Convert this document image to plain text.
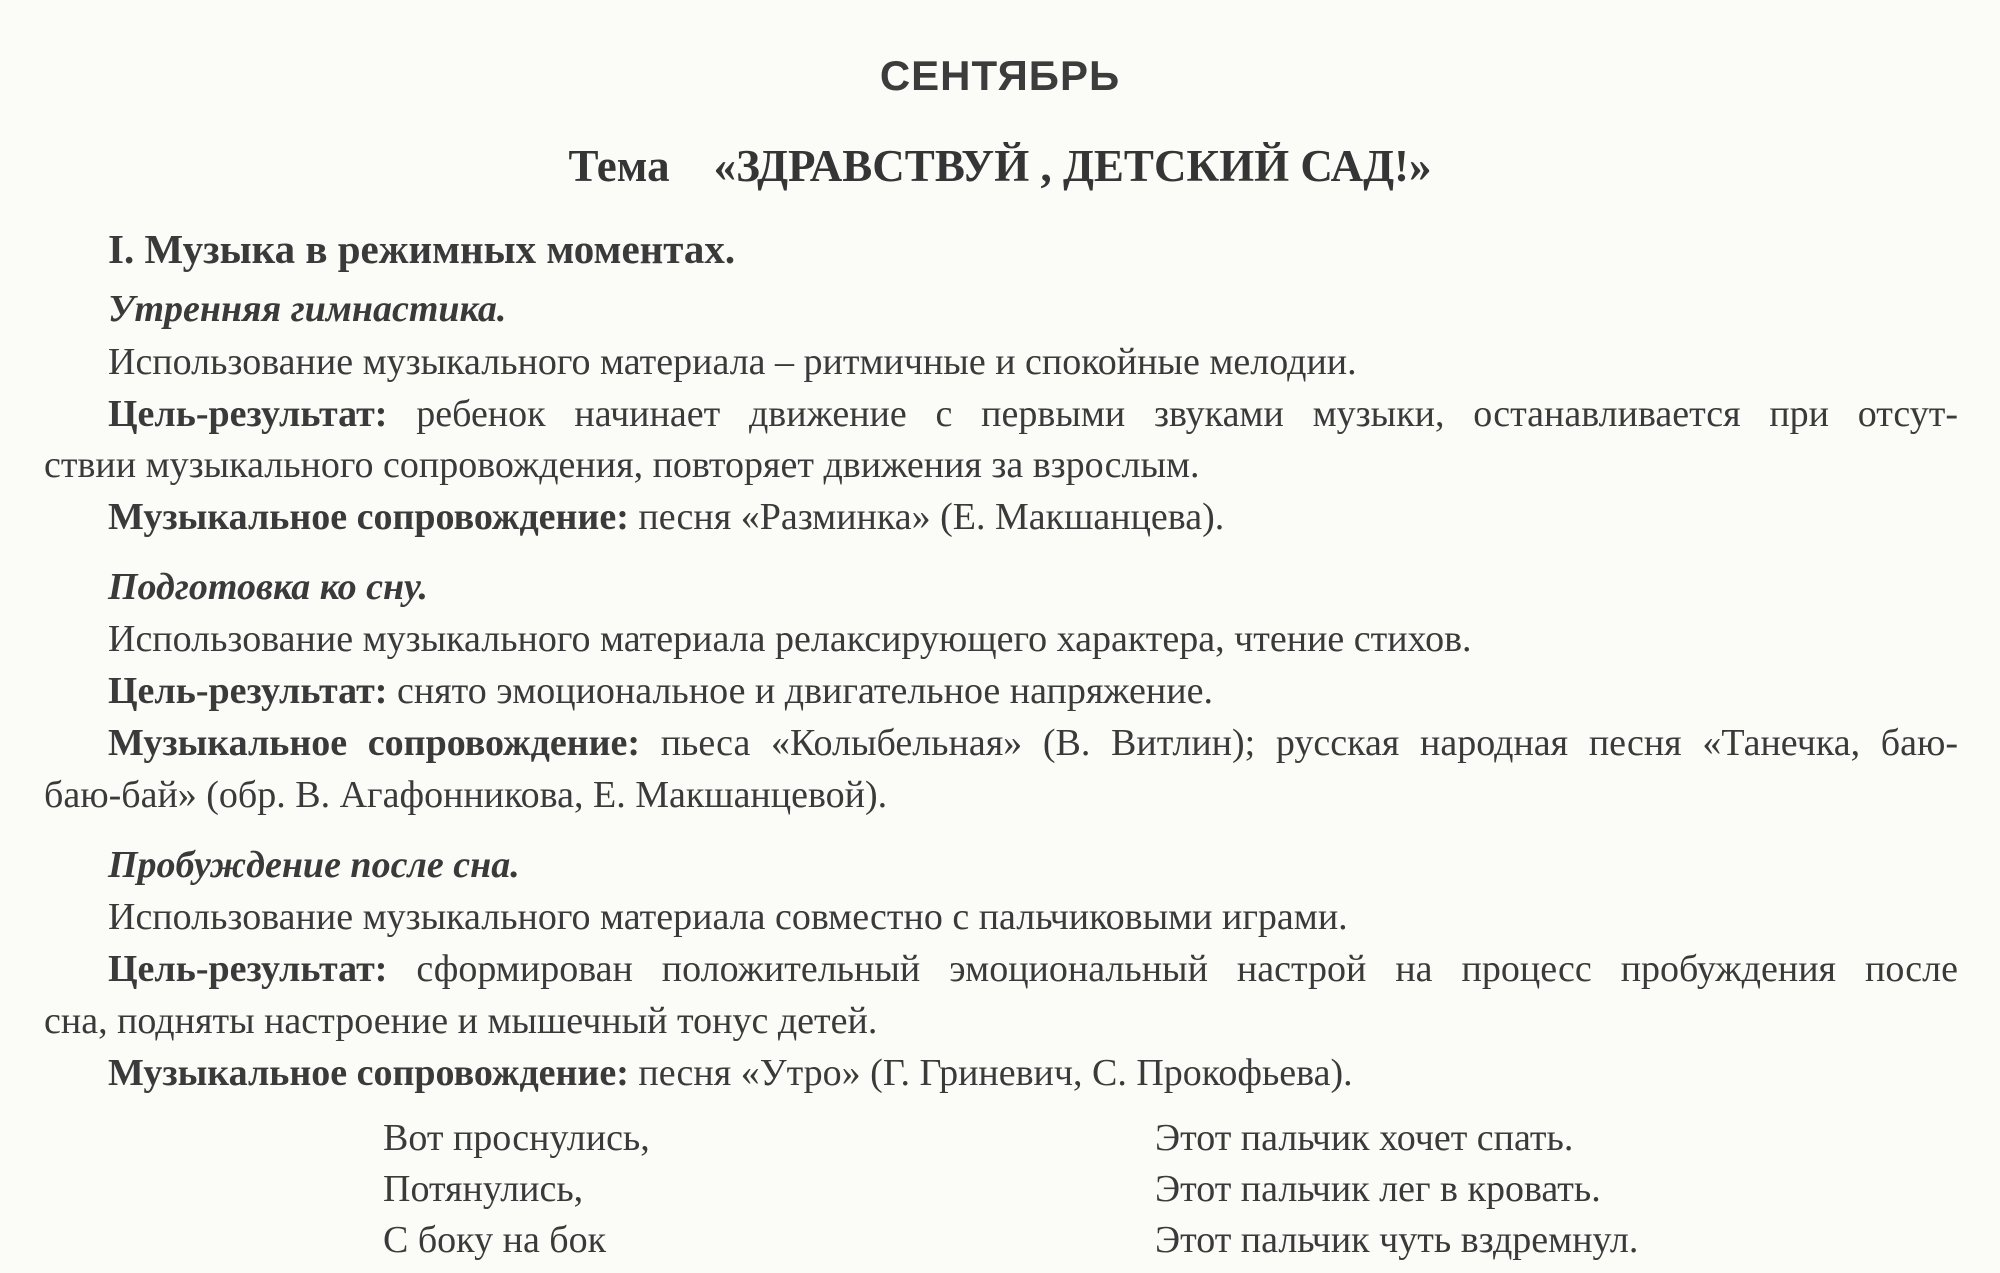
СЕНТЯБРЬ
Тема «ЗДРАВСТВУЙ , ДЕТСКИЙ САД!»
I. Музыка в режимных моментах.
Утренняя гимнастика.
Использование музыкального материала – ритмичные и спокойные мелодии.
Цель-результат: ребенок начинает движение с первыми звуками музыки, останавливается при отсут-
ствии музыкального сопровождения, повторяет движения за взрослым.
Музыкальное сопровождение: песня «Разминка» (Е. Макшанцева).
Подготовка ко сну.
Использование музыкального материала релаксирующего характера, чтение стихов.
Цель-результат: снято эмоциональное и двигательное напряжение.
Музыкальное сопровождение: пьеса «Колыбельная» (В. Витлин); русская народная песня «Танечка, баю-
баю-бай» (обр. В. Агафонникова, Е. Макшанцевой).
Пробуждение после сна.
Использование музыкального материала совместно с пальчиковыми играми.
Цель-результат: сформирован положительный эмоциональный настрой на процесс пробуждения после
сна, подняты настроение и мышечный тонус детей.
Музыкальное сопровождение: песня «Утро» (Г. Гриневич, С. Прокофьева).
Вот проснулись,
Потянулись,
С боку на бок
Этот пальчик хочет спать.
Этот пальчик лег в кровать.
Этот пальчик чуть вздремнул.
